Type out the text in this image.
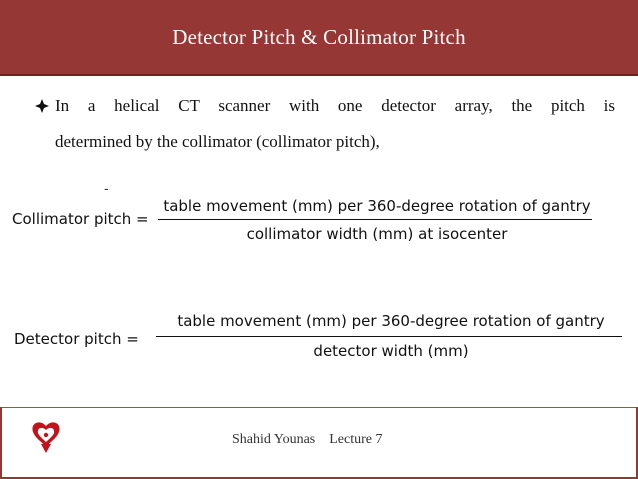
Detector Pitch & Collimator Pitch
In a helical CT scanner with one detector array, the pitch is
determined by the collimator (collimator pitch),
-
Collimator pitch =
table movement (mm) per 360-degree rotation of gantry
collimator width (mm) at isocenter
Detector pitch =
table movement (mm) per 360-degree rotation of gantry
detector width (mm)
Shahid Younas Lecture 7
